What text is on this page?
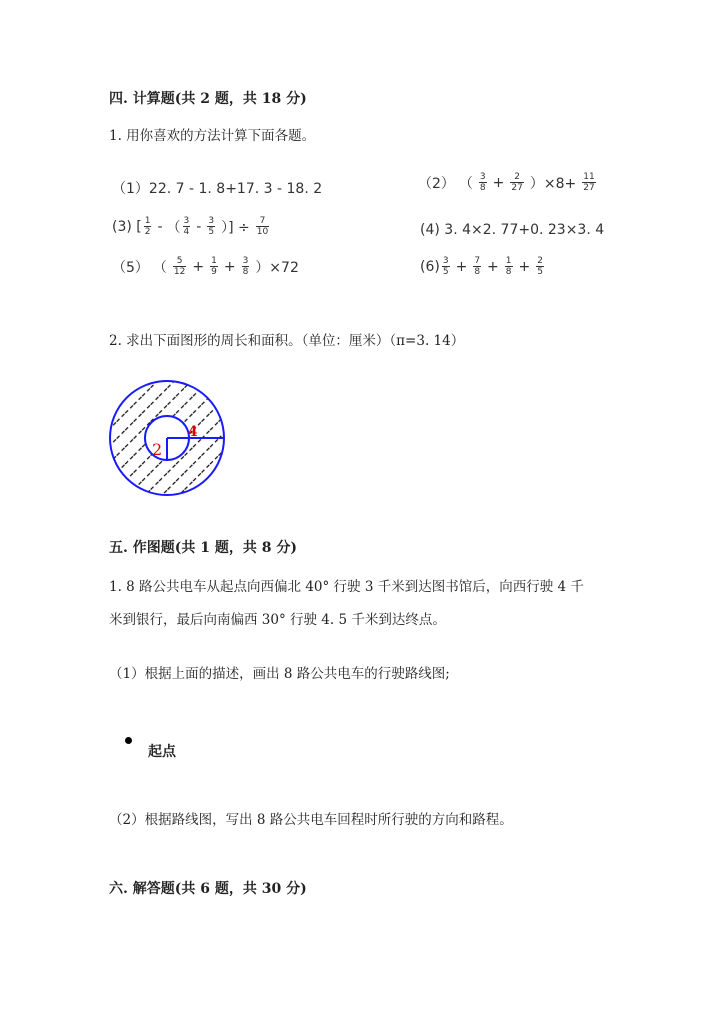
四. 计算题(共 2 题，共 18 分)
1. 用你喜欢的方法计算下面各题。
（1）22. 7 - 1. 8+17. 3 - 18. 2	（2） （ $\frac{3}{8} + \frac{2}{27} )\times 8+ \frac{11}{27}$
(3) [ $\frac{1}{2}$ - （ $\frac{3}{4} - \frac{3}{5}$ ）] ÷ $\frac{7}{10}$	(4) 3. 4×2. 77+0. 23×3. 4
（5） （ $\frac{5}{12} + \frac{1}{9} + \frac{3}{8} )\times 72$	$(6) \frac{3}{5} + \frac{7}{8} + \frac{1}{8} + \frac{2}{5}$
2. 求出下面图形的周长和面积。（单位：厘米）（π=3. 14）
2
4
五. 作图题(共 1 题，共 8 分)
1. 8 路公共电车从起点向西偏北 40° 行驶 3 千米到达图书馆后，向西行驶 4 千
米到银行，最后向南偏西 30° 行驶 4. 5 千米到达终点。
（1）根据上面的描述，画出 8 路公共电车的行驶路线图;
起点
（2）根据路线图，写出 8 路公共电车回程时所行驶的方向和路程。
六. 解答题(共 6 题，共 30 分)
